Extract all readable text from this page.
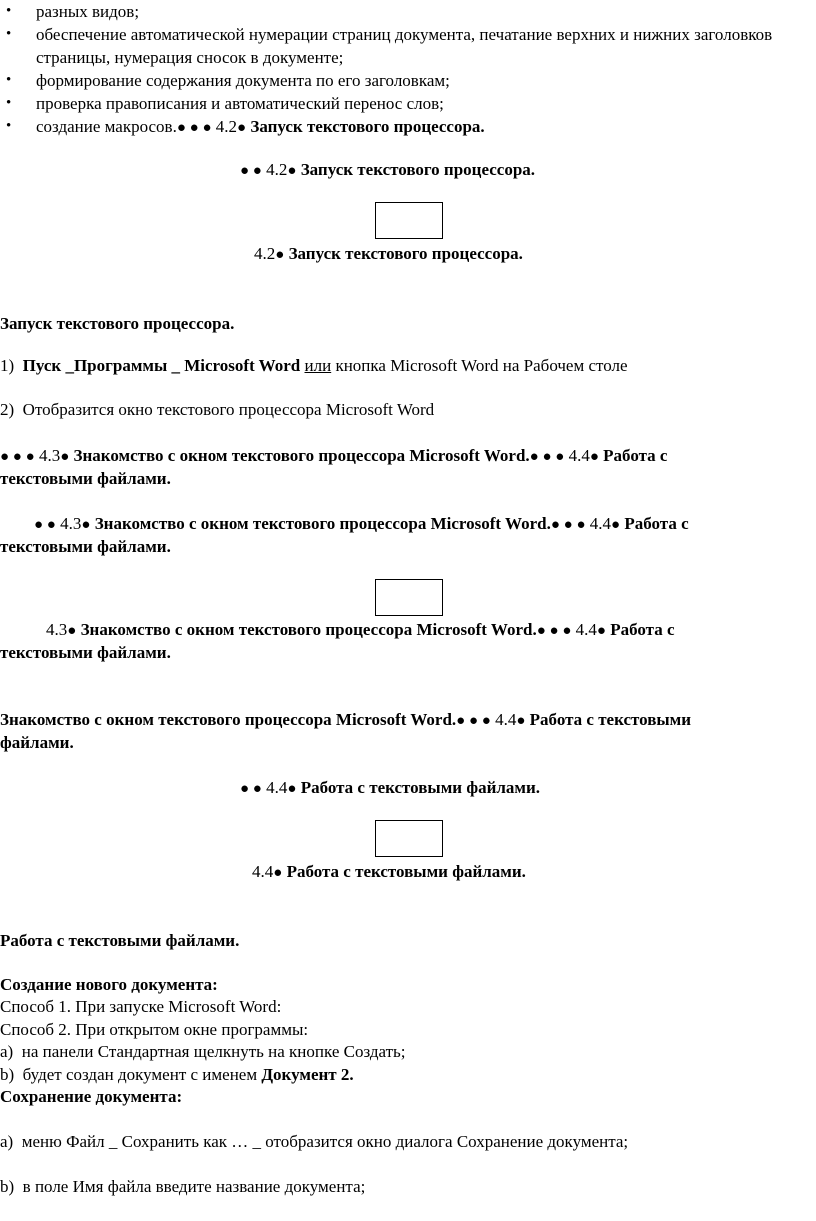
• разных видов;
• обеспечение автоматической нумерации страниц документа, печатание верхних и нижних заголовков страницы, нумерация сносок в документе;
• формирование содержания документа по его заголовкам;
• проверка правописания и автоматический перенос слов;
• создание макросов.● ● ● 4.2● Запуск текстового процессора.
● ● 4.2● Запуск текстового процессора.
4.2● Запуск текстового процессора.
Запуск текстового процессора.
1) Пуск _Программы _ Microsoft Word или кнопка Microsoft Word на Рабочем столе
2) Отобразится окно текстового процессора Microsoft Word
● ● ● 4.3● Знакомство с окном текстового процессора Microsoft Word.● ● ● 4.4● Работа с
текстовыми файлами.
● ● 4.3● Знакомство с окном текстового процессора Microsoft Word.● ● ● 4.4● Работа с
текстовыми файлами.
4.3● Знакомство с окном текстового процессора Microsoft Word.● ● ● 4.4● Работа с
текстовыми файлами.
Знакомство с окном текстового процессора Microsoft Word.● ● ● 4.4● Работа с текстовыми
файлами.
● ● 4.4● Работа с текстовыми файлами.
4.4● Работа с текстовыми файлами.
Работа с текстовыми файлами.
Создание нового документа:
Способ 1. При запуске Microsoft Word:
Способ 2. При открытом окне программы:
a) на панели Стандартная щелкнуть на кнопке Создать;
b) будет создан документ с именем Документ 2.
Сохранение документа:
a) меню Файл _ Сохранить как … _ отобразится окно диалога Сохранение документа;
b) в поле Имя файла введите название документа;
